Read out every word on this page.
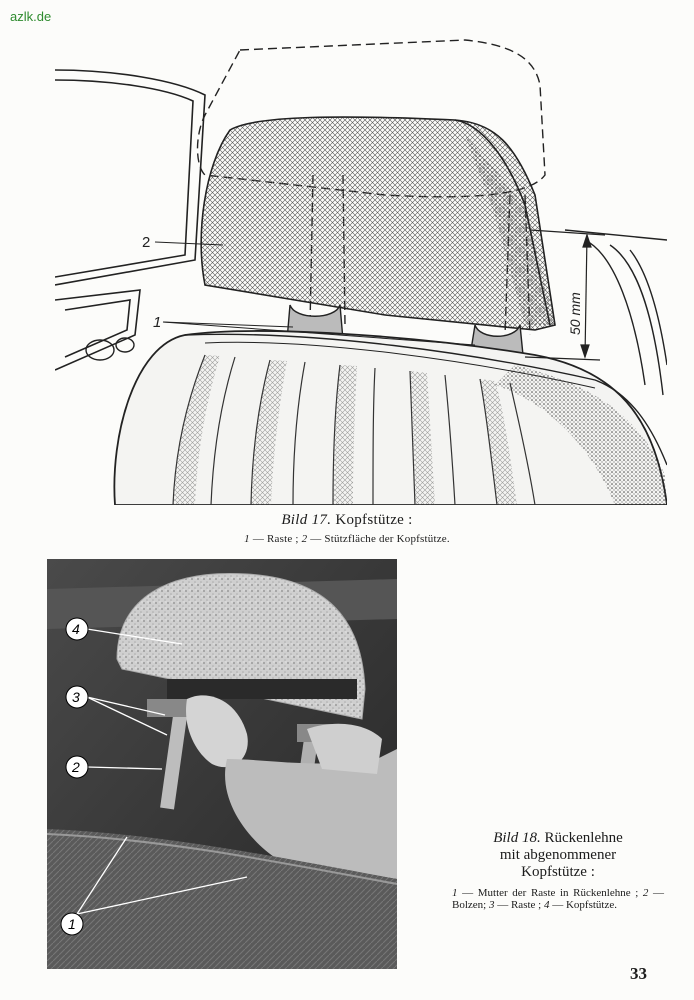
azlk.de
50 mm
2
1
Bild 17. Kopfstütze :
1 — Raste ; 2 — Stützfläche der Kopfstütze.
4
3
2
1
Bild 18. Rückenlehne
mit abgenommener
Kopfstütze :
1 — Mutter der Raste in Rückenlehne ; 2 — Bolzen; 3 — Raste ; 4 — Kopfstütze.
33
